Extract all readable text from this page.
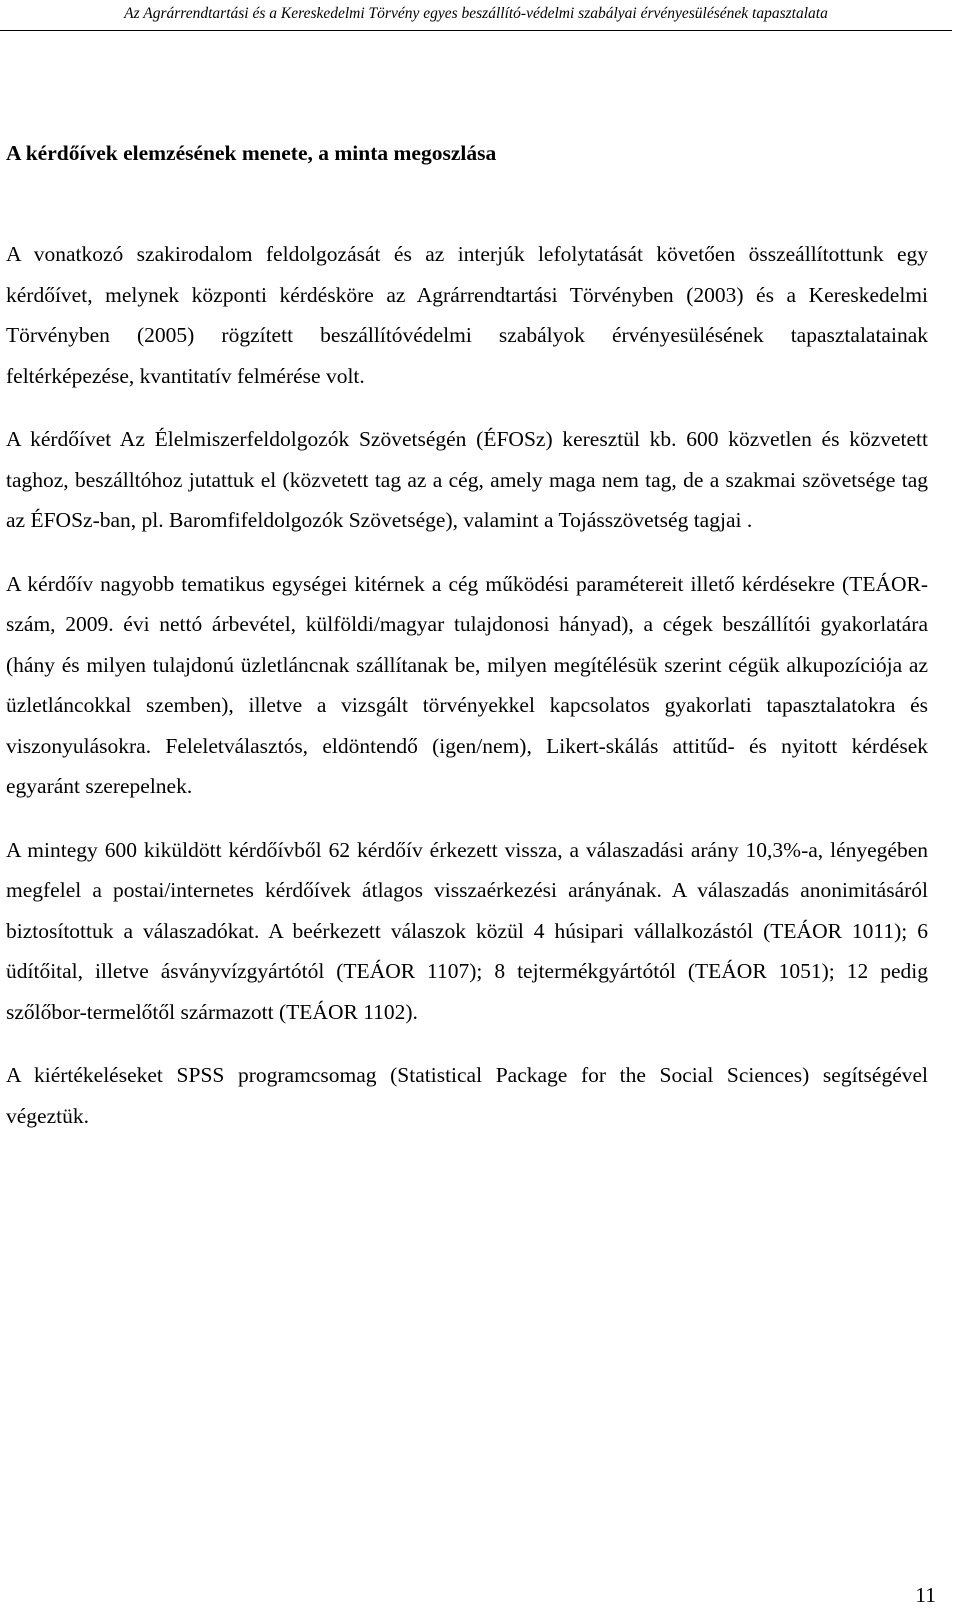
Az Agrárrendtartási és a Kereskedelmi Törvény egyes beszállító-védelmi szabályai érvényesülésének tapasztalata
A kérdőívek elemzésének menete, a minta megoszlása

A vonatkozó szakirodalom feldolgozását és az interjúk lefolytatását követően összeállítottunk egy kérdőívet, melynek központi kérdésköre az Agrárrendtartási Törvényben (2003) és a Kereskedelmi Törvényben (2005) rögzített beszállítóvédelmi szabályok érvényesülésének tapasztalatainak feltérképezése, kvantitatív felmérése volt.

A kérdőívet Az Élelmiszerfeldolgozók Szövetségén (ÉFOSz) keresztül kb. 600 közvetlen és közvetett taghoz, beszálltóhoz jutattuk el (közvetett tag az a cég, amely maga nem tag, de a szakmai szövetsége tag az ÉFOSz-ban, pl. Baromfifeldolgozók Szövetsége), valamint a Tojásszövetség tagjai .

A kérdőív nagyobb tematikus egységei kitérnek a cég működési paramétereit illető kérdésekre (TEÁOR-szám, 2009. évi nettó árbevétel, külföldi/magyar tulajdonosi hányad), a cégek beszállítói gyakorlatára (hány és milyen tulajdonú üzletláncnak szállítanak be, milyen megítélésük szerint cégük alkupozíciója az üzletláncokkal szemben), illetve a vizsgált törvényekkel kapcsolatos gyakorlati tapasztalatokra és viszonyulásokra. Feleletválasztós, eldöntendő (igen/nem), Likert-skálás attitűd- és nyitott kérdések egyaránt szerepelnek.

A mintegy 600 kiküldött kérdőívből 62 kérdőív érkezett vissza, a válaszadási arány 10,3%-a, lényegében megfelel a postai/internetes kérdőívek átlagos visszaérkezési arányának. A válaszadás anonimitásáról biztosítottuk a válaszadókat. A beérkezett válaszok közül 4 húsipari vállalkozástól (TEÁOR 1011); 6 üdítőital, illetve ásványvízgyártótól (TEÁOR 1107); 8 tejtermékgyártótól (TEÁOR 1051); 12 pedig szőlőbor-termelőtől származott (TEÁOR 1102).

A kiértékeléseket SPSS programcsomag (Statistical Package for the Social Sciences) segítségével végeztük.

11
